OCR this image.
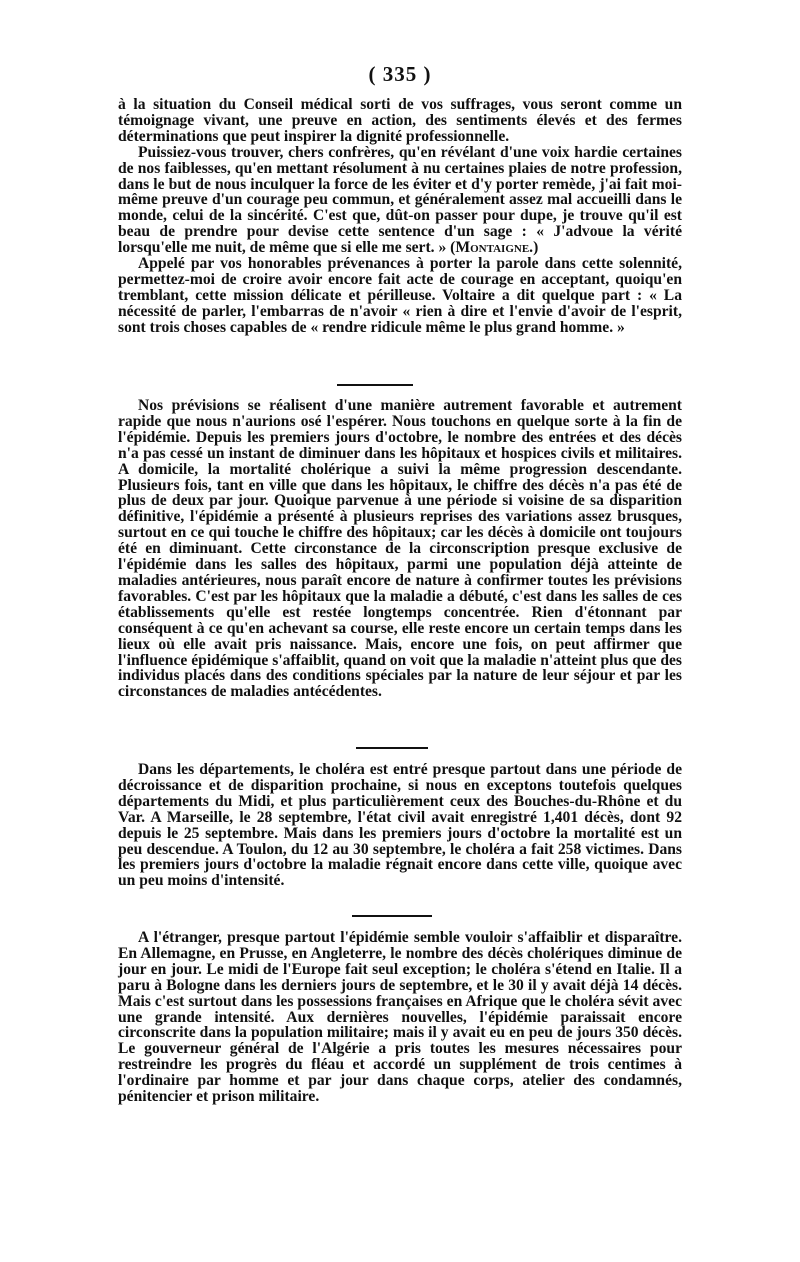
( 335 )

à la situation du Conseil médical sorti de vos suffrages, vous seront comme un témoignage vivant, une preuve en action, des sentiments élevés et des fermes déterminations que peut inspirer la dignité professionnelle.

Puissiez-vous trouver, chers confrères, qu'en révélant d'une voix hardie certaines de nos faiblesses, qu'en mettant résolument à nu certaines plaies de notre profession, dans le but de nous inculquer la force de les éviter et d'y porter remède, j'ai fait moi-même preuve d'un courage peu commun, et généralement assez mal accueilli dans le monde, celui de la sincérité. C'est que, dût-on passer pour dupe, je trouve qu'il est beau de prendre pour devise cette sentence d'un sage : « J'advoue la vérité lorsqu'elle me nuit, de même que si elle me sert. » (Montaigne.)

Appelé par vos honorables prévenances à porter la parole dans cette solennité, permettez-moi de croire avoir encore fait acte de courage en acceptant, quoiqu'en tremblant, cette mission délicate et périlleuse. Voltaire a dit quelque part : « La nécessité de parler, l'embarras de n'avoir « rien à dire et l'envie d'avoir de l'esprit, sont trois choses capables de « rendre ridicule même le plus grand homme. »

Nos prévisions se réalisent d'une manière autrement favorable et autrement rapide que nous n'aurions osé l'espérer. Nous touchons en quelque sorte à la fin de l'épidémie. Depuis les premiers jours d'octobre, le nombre des entrées et des décès n'a pas cessé un instant de diminuer dans les hôpitaux et hospices civils et militaires. A domicile, la mortalité cholérique a suivi la même progression descendante. Plusieurs fois, tant en ville que dans les hôpitaux, le chiffre des décès n'a pas été de plus de deux par jour. Quoique parvenue à une période si voisine de sa disparition définitive, l'épidémie a présenté à plusieurs reprises des variations assez brusques, surtout en ce qui touche le chiffre des hôpitaux; car les décès à domicile ont toujours été en diminuant. Cette circonstance de la circonscription presque exclusive de l'épidémie dans les salles des hôpitaux, parmi une population déjà atteinte de maladies antérieures, nous paraît encore de nature à confirmer toutes les prévisions favorables. C'est par les hôpitaux que la maladie a débuté, c'est dans les salles de ces établissements qu'elle est restée longtemps concentrée. Rien d'étonnant par conséquent à ce qu'en achevant sa course, elle reste encore un certain temps dans les lieux où elle avait pris naissance. Mais, encore une fois, on peut affirmer que l'influence épidémique s'affaiblit, quand on voit que la maladie n'atteint plus que des individus placés dans des conditions spéciales par la nature de leur séjour et par les circonstances de maladies antécédentes.

Dans les départements, le choléra est entré presque partout dans une période de décroissance et de disparition prochaine, si nous en exceptons toutefois quelques départements du Midi, et plus particulièrement ceux des Bouches-du-Rhône et du Var. A Marseille, le 28 septembre, l'état civil avait enregistré 1,401 décès, dont 92 depuis le 25 septembre. Mais dans les premiers jours d'octobre la mortalité est un peu descendue. A Toulon, du 12 au 30 septembre, le choléra a fait 258 victimes. Dans les premiers jours d'octobre la maladie régnait encore dans cette ville, quoique avec un peu moins d'intensité.

A l'étranger, presque partout l'épidémie semble vouloir s'affaiblir et disparaître. En Allemagne, en Prusse, en Angleterre, le nombre des décès cholériques diminue de jour en jour. Le midi de l'Europe fait seul exception; le choléra s'étend en Italie. Il a paru à Bologne dans les derniers jours de septembre, et le 30 il y avait déjà 14 décès. Mais c'est surtout dans les possessions françaises en Afrique que le choléra sévit avec une grande intensité. Aux dernières nouvelles, l'épidémie paraissait encore circonscrite dans la population militaire; mais il y avait eu en peu de jours 350 décès. Le gouverneur général de l'Algérie a pris toutes les mesures nécessaires pour restreindre les progrès du fléau et accordé un supplément de trois centimes à l'ordinaire par homme et par jour dans chaque corps, atelier des condamnés, pénitencier et prison militaire.
